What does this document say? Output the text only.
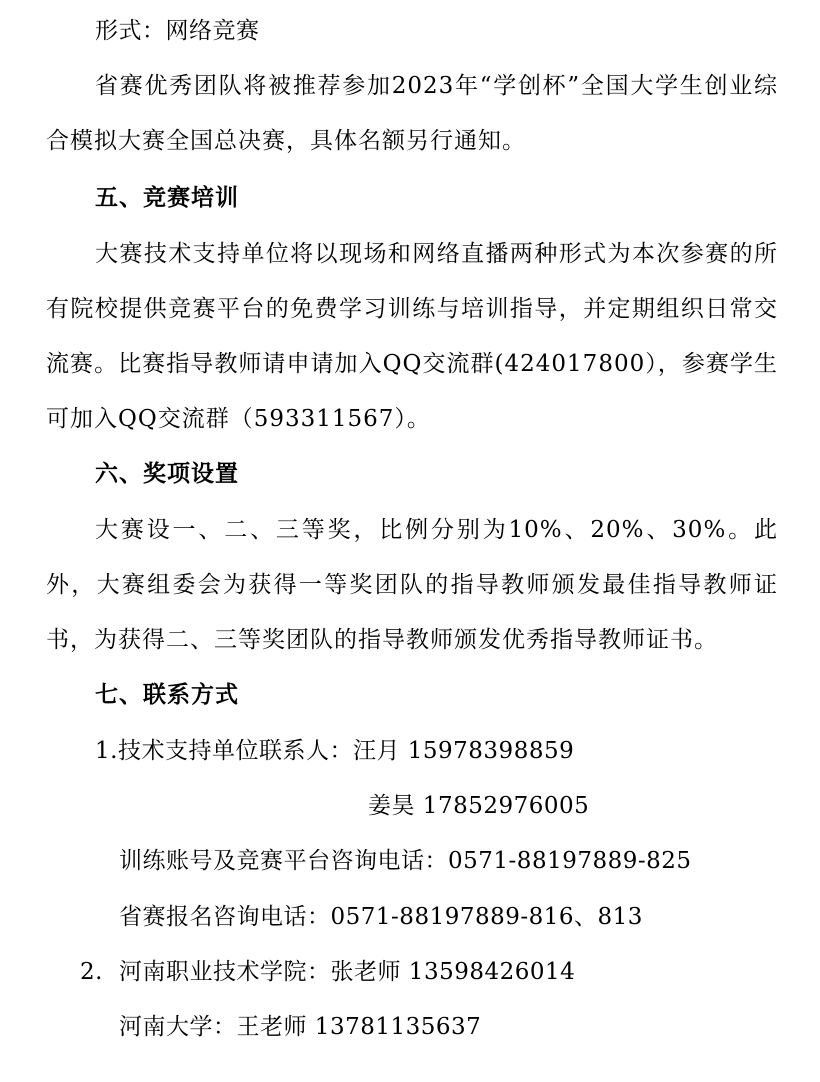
形式：网络竞赛

省赛优秀团队将被推荐参加2023年“学创杯”全国大学生创业综合模拟大赛全国总决赛，具体名额另行通知。

五、竞赛培训

大赛技术支持单位将以现场和网络直播两种形式为本次参赛的所有院校提供竞赛平台的免费学习训练与培训指导，并定期组织日常交流赛。比赛指导教师请申请加入QQ交流群(424017800），参赛学生可加入QQ交流群（593311567）。

六、奖项设置

大赛设一、二、三等奖，比例分别为10%、20%、30%。此外，大赛组委会为获得一等奖团队的指导教师颁发最佳指导教师证书，为获得二、三等奖团队的指导教师颁发优秀指导教师证书。

七、联系方式

1.技术支持单位联系人：汪月 15978398859

姜昊 17852976005

训练账号及竞赛平台咨询电话：0571-88197889-825

省赛报名咨询电话：0571-88197889-816、813

2. 河南职业技术学院：张老师 13598426014

河南大学：王老师 13781135637
